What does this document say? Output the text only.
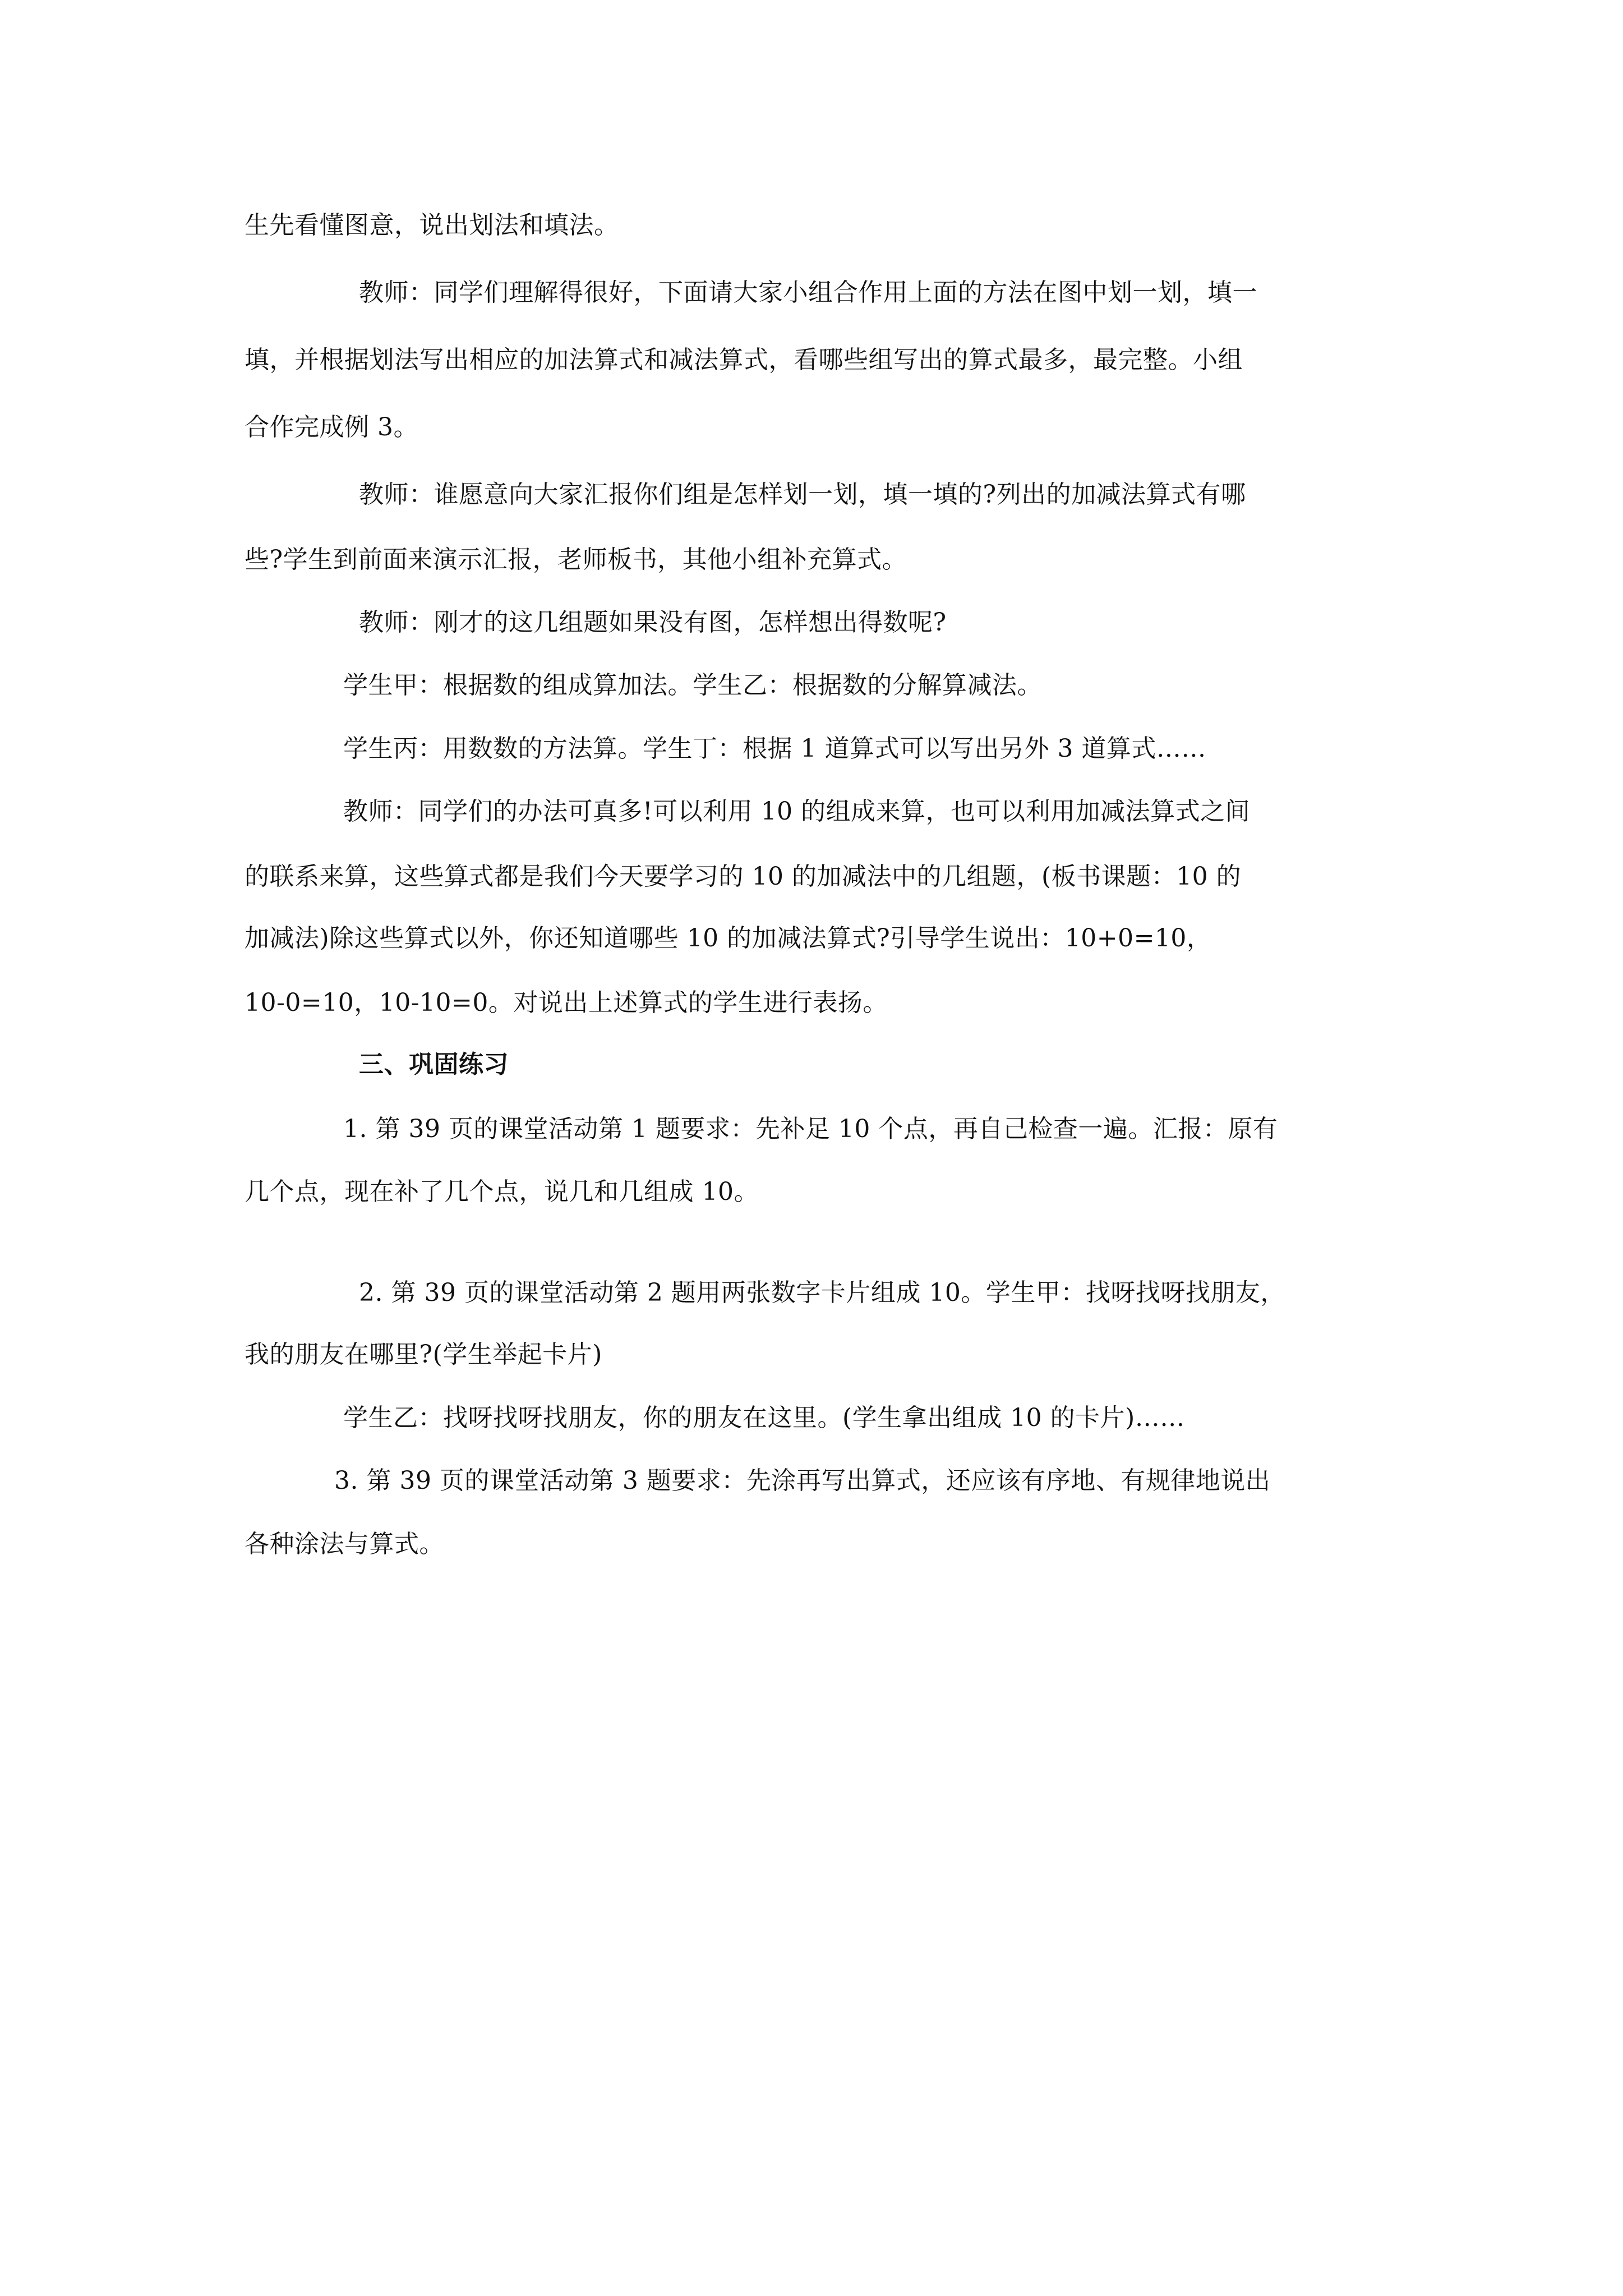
生先看懂图意，说出划法和填法。
教师：同学们理解得很好，下面请大家小组合作用上面的方法在图中划一划，填一
填，并根据划法写出相应的加法算式和减法算式，看哪些组写出的算式最多，最完整。小组
合作完成例 3。
教师：谁愿意向大家汇报你们组是怎样划一划，填一填的?列出的加减法算式有哪
些?学生到前面来演示汇报，老师板书，其他小组补充算式。
教师：刚才的这几组题如果没有图，怎样想出得数呢?
学生甲：根据数的组成算加法。学生乙：根据数的分解算减法。
学生丙：用数数的方法算。学生丁：根据 1 道算式可以写出另外 3 道算式……
教师：同学们的办法可真多!可以利用 10 的组成来算，也可以利用加减法算式之间
的联系来算，这些算式都是我们今天要学习的 10 的加减法中的几组题，(板书课题：10 的
加减法)除这些算式以外，你还知道哪些 10 的加减法算式?引导学生说出：10+0=10，
10-0=10，10-10=0。对说出上述算式的学生进行表扬。
三、巩固练习
1. 第 39 页的课堂活动第 1 题要求：先补足 10 个点，再自己检查一遍。汇报：原有
几个点，现在补了几个点，说几和几组成 10。
2. 第 39 页的课堂活动第 2 题用两张数字卡片组成 10。学生甲：找呀找呀找朋友，
我的朋友在哪里?(学生举起卡片)
学生乙：找呀找呀找朋友，你的朋友在这里。(学生拿出组成 10 的卡片)……
3. 第 39 页的课堂活动第 3 题要求：先涂再写出算式，还应该有序地、有规律地说出
各种涂法与算式。
